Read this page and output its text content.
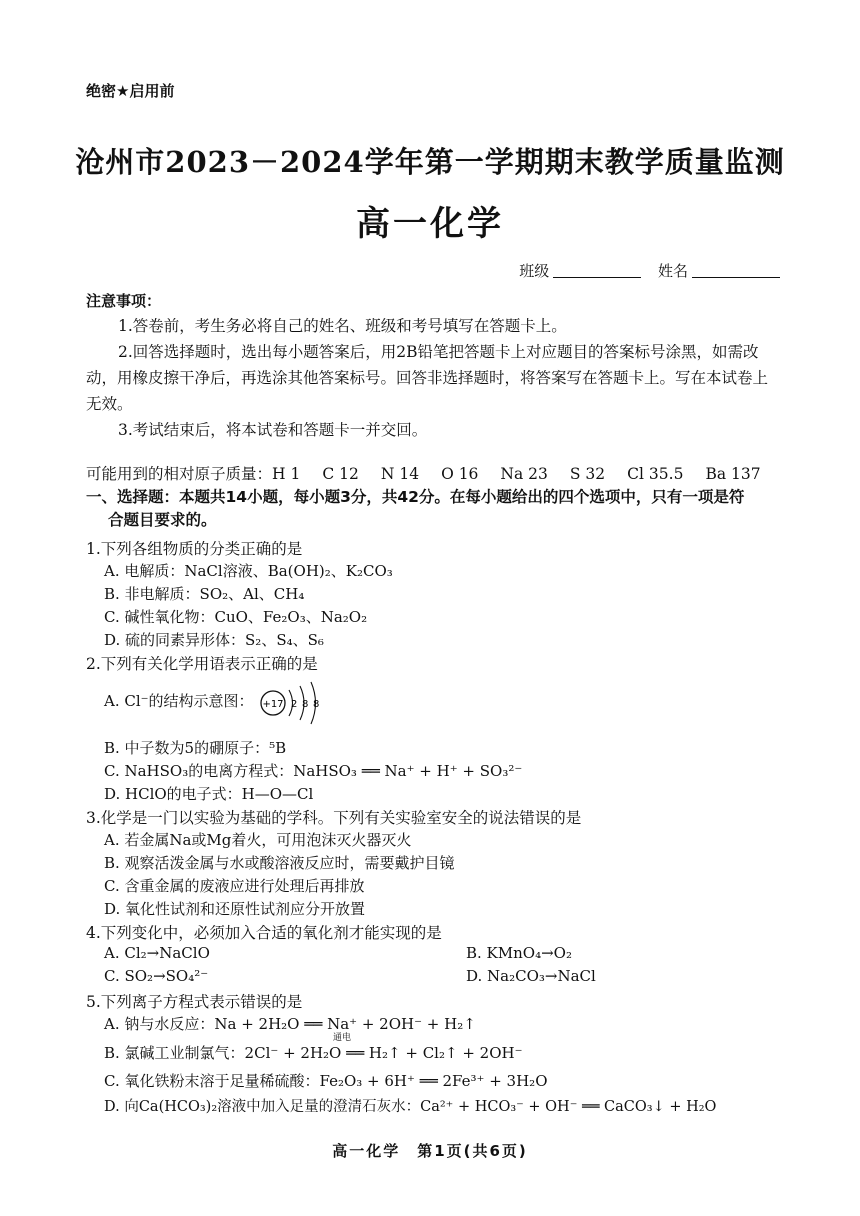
绝密★启用前
沧州市2023－2024学年第一学期期末教学质量监测
高一化学
班级	姓名
注意事项：
1.答卷前，考生务必将自己的姓名、班级和考号填写在答题卡上。
2.回答选择题时，选出每小题答案后，用2B铅笔把答题卡上对应题目的答案标号涂黑，如需改动，用橡皮擦干净后，再选涂其他答案标号。回答非选择题时，将答案写在答题卡上。写在本试卷上无效。
3.考试结束后，将本试卷和答题卡一并交回。
可能用到的相对原子质量：H 1 C 12 N 14 O 16 Na 23 S 32 Cl 35.5 Ba 137
一、选择题：本题共14小题，每小题3分，共42分。在每小题给出的四个选项中，只有一项是符
合题目要求的。
1.下列各组物质的分类正确的是
A. 电解质：NaCl溶液、Ba(OH)₂、K₂CO₃
B. 非电解质：SO₂、Al、CH₄
C. 碱性氧化物：CuO、Fe₂O₃、Na₂O₂
D. 硫的同素异形体：S₂、S₄、S₆
2.下列有关化学用语表示正确的是
A. Cl⁻的结构示意图： +17 2 8 8
B. 中子数为5的硼原子：⁵B
C. NaHSO₃的电离方程式：NaHSO₃ ══ Na⁺ + H⁺ + SO₃²⁻
D. HClO的电子式：H—O—Cl
3.化学是一门以实验为基础的学科。下列有关实验室安全的说法错误的是
A. 若金属Na或Mg着火，可用泡沫灭火器灭火
B. 观察活泼金属与水或酸溶液反应时，需要戴护目镜
C. 含重金属的废液应进行处理后再排放
D. 氧化性试剂和还原性试剂应分开放置
4.下列变化中，必须加入合适的氧化剂才能实现的是
A. Cl₂→NaClO	B. KMnO₄→O₂
C. SO₂→SO₄²⁻	D. Na₂CO₃→NaCl
5.下列离子方程式表示错误的是
A. 钠与水反应：Na + 2H₂O ══ Na⁺ + 2OH⁻ + H₂↑
通电
B. 氯碱工业制氯气：2Cl⁻ + 2H₂O ══ H₂↑ + Cl₂↑ + 2OH⁻
C. 氧化铁粉末溶于足量稀硫酸：Fe₂O₃ + 6H⁺ ══ 2Fe³⁺ + 3H₂O
D. 向Ca(HCO₃)₂溶液中加入足量的澄清石灰水：Ca²⁺ + HCO₃⁻ + OH⁻ ══ CaCO₃↓ + H₂O
高一化学　第1页(共6页)
